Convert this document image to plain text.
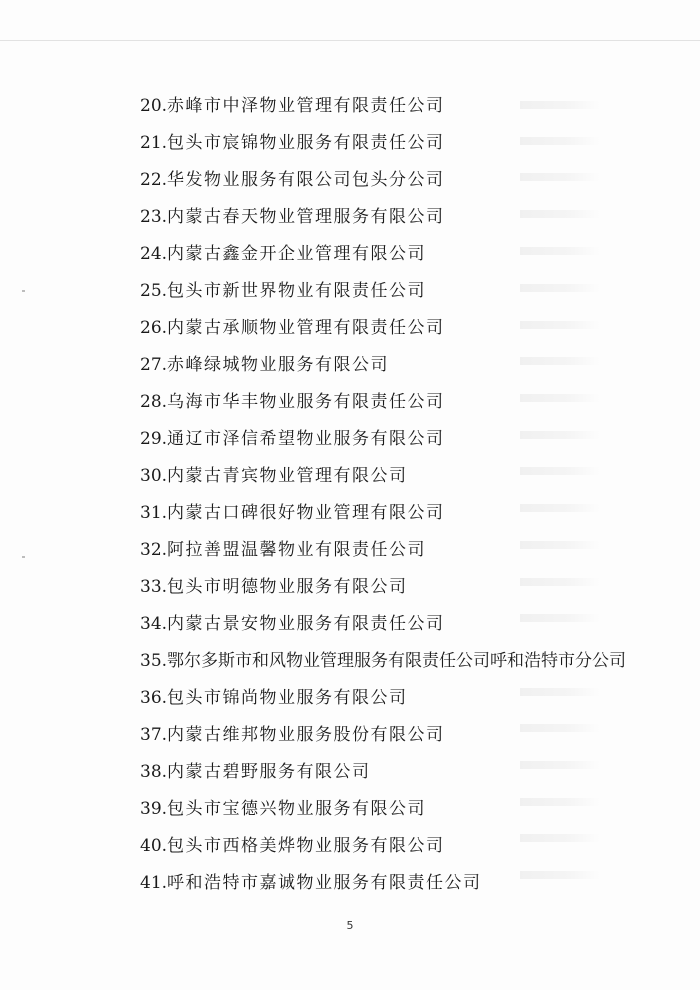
20. 赤峰市中泽物业管理有限责任公司
21. 包头市宸锦物业服务有限责任公司
22. 华发物业服务有限公司包头分公司
23. 内蒙古春天物业管理服务有限公司
24. 内蒙古鑫金开企业管理有限公司
25. 包头市新世界物业有限责任公司
26. 内蒙古承顺物业管理有限责任公司
27. 赤峰绿城物业服务有限公司
28. 乌海市华丰物业服务有限责任公司
29. 通辽市泽信希望物业服务有限公司
30. 内蒙古青宾物业管理有限公司
31. 内蒙古口碑很好物业管理有限公司
32. 阿拉善盟温馨物业有限责任公司
33. 包头市明德物业服务有限公司
34. 内蒙古景安物业服务有限责任公司
35. 鄂尔多斯市和风物业管理服务有限责任公司呼和浩特市分公司
36. 包头市锦尚物业服务有限公司
37. 内蒙古维邦物业服务股份有限公司
38. 内蒙古碧野服务有限公司
39. 包头市宝德兴物业服务有限公司
40. 包头市西格美烨物业服务有限公司
41. 呼和浩特市嘉诚物业服务有限责任公司
5
